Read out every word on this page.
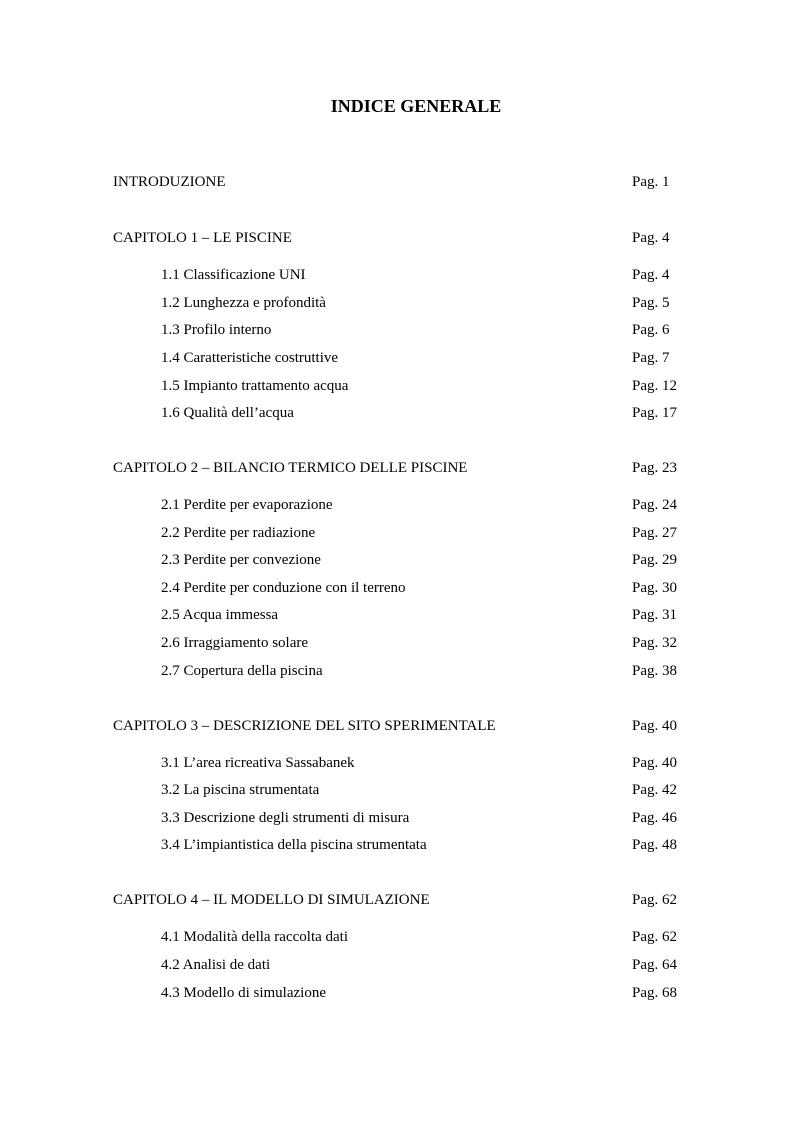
INDICE GENERALE
INTRODUZIONE	Pag. 1
CAPITOLO 1 – LE PISCINE	Pag. 4
1.1 Classificazione UNI	Pag. 4
1.2 Lunghezza e profondità	Pag. 5
1.3 Profilo interno	Pag. 6
1.4 Caratteristiche costruttive	Pag. 7
1.5 Impianto trattamento acqua	Pag. 12
1.6 Qualità dell’acqua	Pag. 17
CAPITOLO 2 – BILANCIO TERMICO DELLE PISCINE	Pag. 23
2.1 Perdite per evaporazione	Pag. 24
2.2 Perdite per radiazione	Pag. 27
2.3 Perdite per convezione	Pag. 29
2.4 Perdite per conduzione con il terreno	Pag. 30
2.5 Acqua immessa	Pag. 31
2.6 Irraggiamento solare	Pag. 32
2.7 Copertura della piscina	Pag. 38
CAPITOLO 3 – DESCRIZIONE DEL SITO SPERIMENTALE	Pag. 40
3.1 L’area ricreativa Sassabanek	Pag. 40
3.2 La piscina strumentata	Pag. 42
3.3 Descrizione degli strumenti di misura	Pag. 46
3.4 L’impiantistica della piscina strumentata	Pag. 48
CAPITOLO 4 – IL MODELLO DI SIMULAZIONE	Pag. 62
4.1 Modalità della raccolta dati	Pag. 62
4.2 Analisi de dati	Pag. 64
4.3 Modello di simulazione	Pag. 68
